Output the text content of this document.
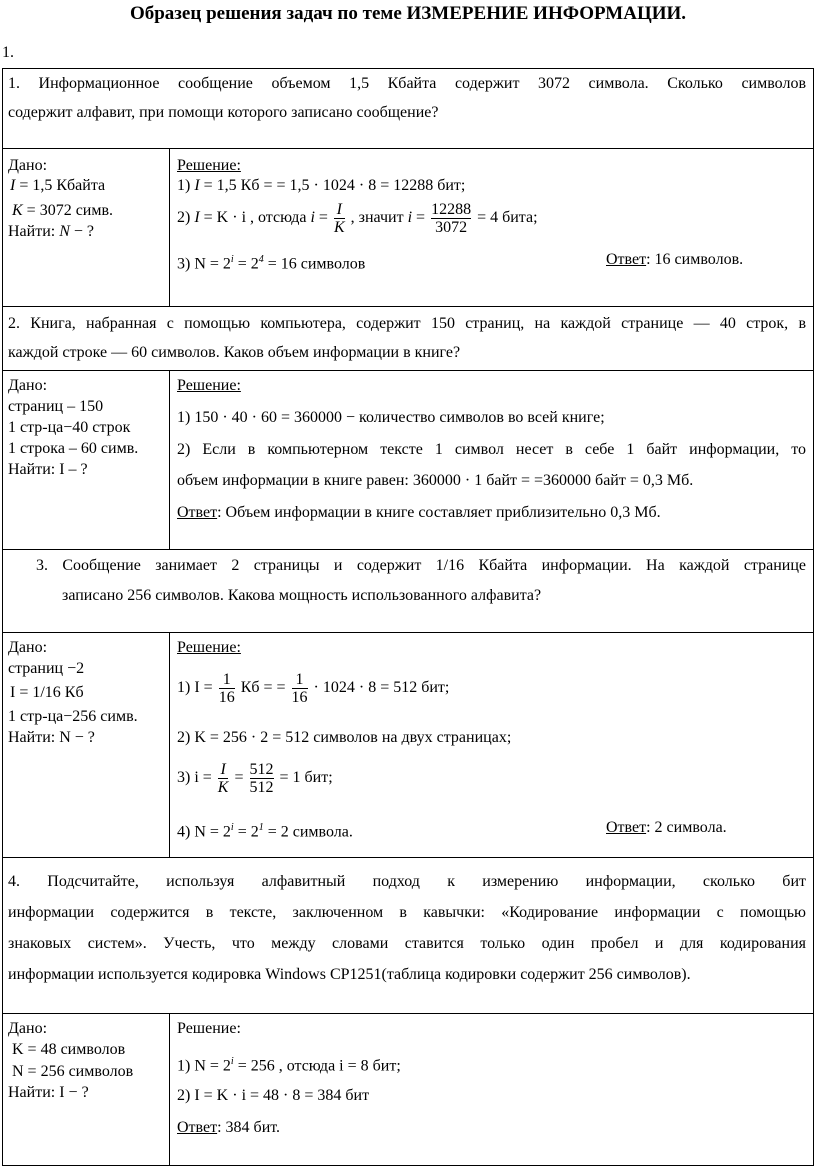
Образец решения задач по теме ИЗМЕРЕНИЕ ИНФОРМАЦИИ.
1.
1. Информационное сообщение объемом 1,5 Кбайта содержит 3072 символа. Сколько символов
содержит алфавит, при помощи которого записано сообщение?
Дано:
I = 1,5 Кбайта
K = 3072 симв.
Найти: N − ?
Решение:
1) I = 1,5 Кб = = 1,5 · 1024 · 8 = 12288 бит;
2) I = K · i , отсюда $i = \frac{I}{K}$ , значит $i = \frac{12288}{3072} = 4$ бита;
3) $N = 2^i = 2^4 = 16$ символов	Ответ: 16 символов.
2. Книга, набранная с помощью компьютера, содержит 150 страниц, на каждой странице — 40 строк, в
каждой строке — 60 символов. Каков объем информации в книге?
Дано:
страниц – 150
1 стр-ца−40 строк
1 строка – 60 симв.
Найти: I – ?
Решение:
1) 150 · 40 · 60 = 360000 − количество символов во всей книге;
2) Если в компьютерном тексте 1 символ несет в себе 1 байт информации, то
объем информации в книге равен: 360000 · 1 байт = =360000 байт = 0,3 Мб.
Ответ: Объем информации в книге составляет приблизительно 0,3 Мб.
3. Сообщение занимает 2 страницы и содержит 1/16 Кбайта информации. На каждой странице
записано 256 символов. Какова мощность использованного алфавита?
Дано:
страниц −2
I = 1/16 Кб
1 стр-ца−256 симв.
Найти: N − ?
Решение:
1) $I = \frac{1}{16}$ Кб = = $\frac{1}{16} \cdot 1024 \cdot 8 = 512$ бит;
2) K = 256 · 2 = 512 символов на двух страницах;
3) $i = \frac{I}{K} = \frac{512}{512} = 1$ бит;
4) $N = 2^i = 2^1 = 2$ символа.	Ответ: 2 символа.
4. Подсчитайте, используя алфавитный подход к измерению информации, сколько бит
информации содержится в тексте, заключенном в кавычки: «Кодирование информации с помощью
знаковых систем». Учесть, что между словами ставится только один пробел и для кодирования
информации используется кодировка Windows CP1251(таблица кодировки содержит 256 символов).
Дано:
K = 48 символов
N = 256 символов
Найти: I − ?
Решение:
1) $N = 2^i = 256$ , отсюда i = 8 бит;
2) I = K · i = 48 · 8 = 384 бит
Ответ: 384 бит.
